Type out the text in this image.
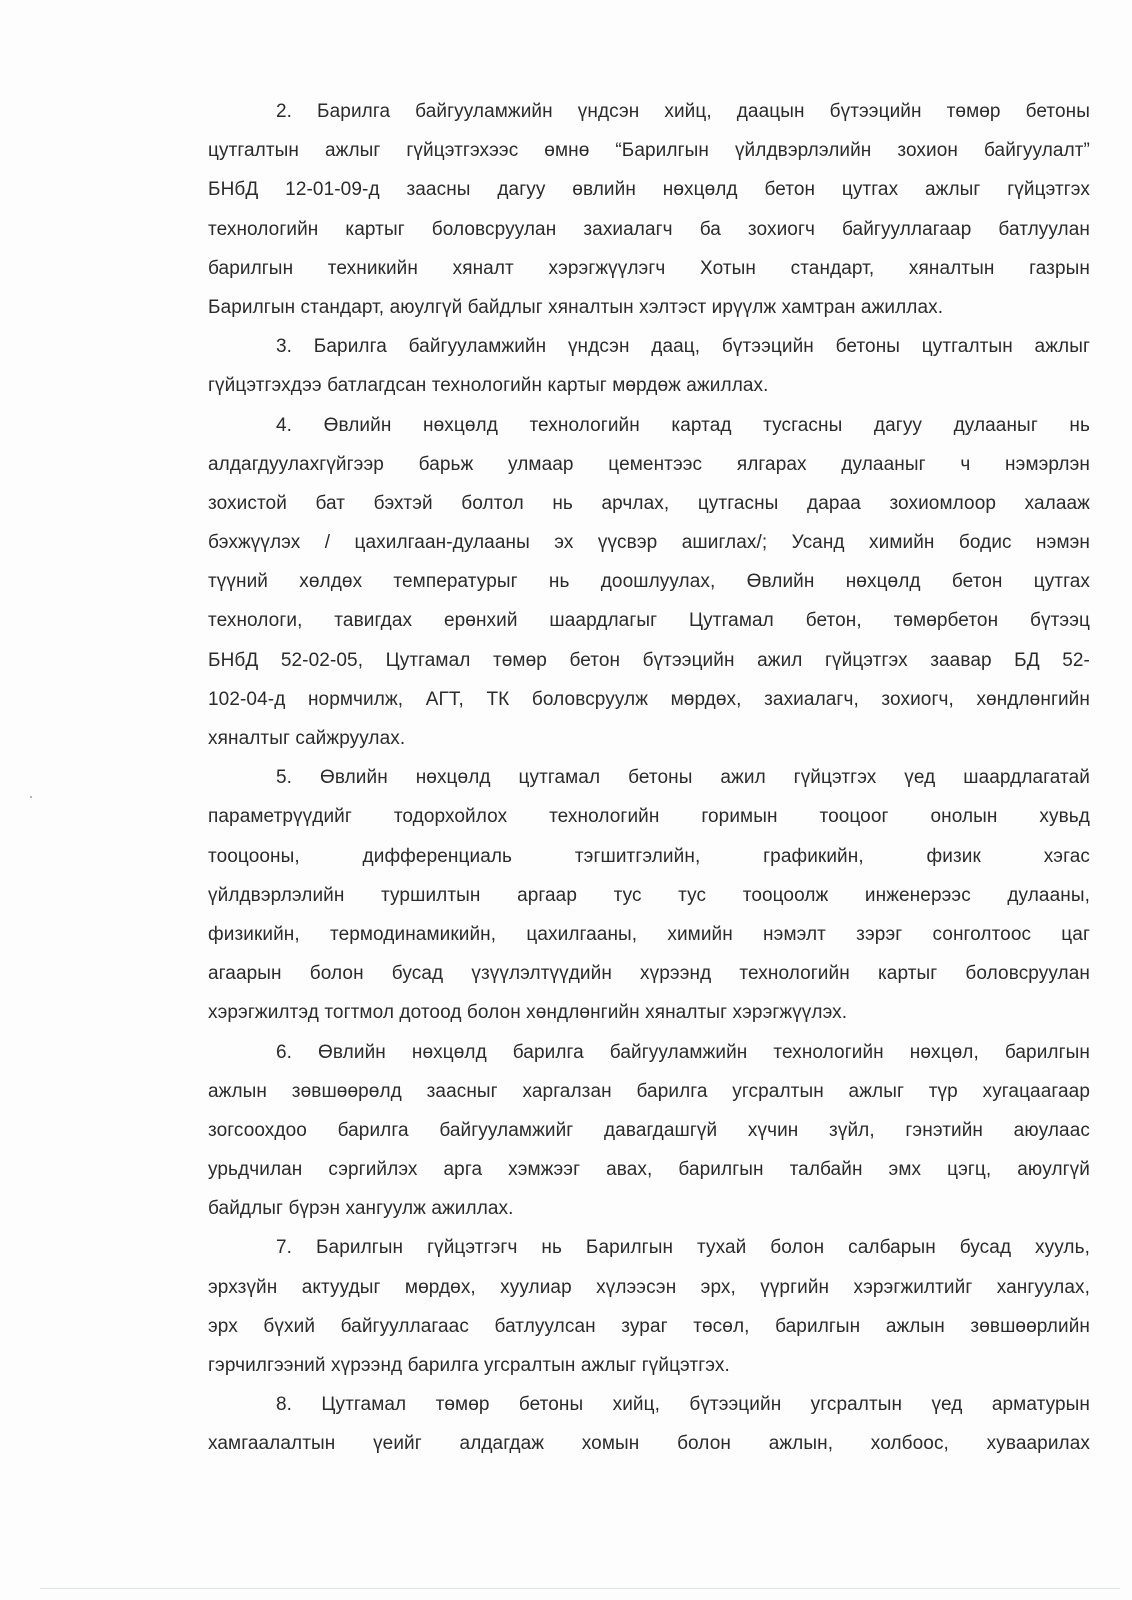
2. Барилга байгууламжийн үндсэн хийц, даацын бүтээцийн төмөр бетоны
цутгалтын ажлыг гүйцэтгэхээс өмнө “Барилгын үйлдвэрлэлийн зохион байгуулалт”
БНбД 12-01-09-д заасны дагуу өвлийн нөхцөлд бетон цутгах ажлыг гүйцэтгэх
технологийн картыг боловсруулан захиалагч ба зохиогч байгууллагаар батлуулан
барилгын техникийн хяналт хэрэгжүүлэгч Хотын стандарт, хяналтын газрын
Барилгын стандарт, аюулгүй байдлыг хяналтын хэлтэст ирүүлж хамтран ажиллах.

3. Барилга байгууламжийн үндсэн даац, бүтээцийн бетоны цутгалтын ажлыг
гүйцэтгэхдээ батлагдсан технологийн картыг мөрдөж ажиллах.

4. Өвлийн нөхцөлд технологийн картад тусгасны дагуу дулааныг нь
алдагдуулахгүйгээр барьж улмаар цементээс ялгарах дулааныг ч нэмэрлэн
зохистой бат бэхтэй болтол нь арчлах, цутгасны дараа зохиомлоор халааж
бэхжүүлэх / цахилгаан-дулааны эх үүсвэр ашиглах/; Усанд химийн бодис нэмэн
түүний хөлдөх температурыг нь доошлуулах, Өвлийн нөхцөлд бетон цутгах
технологи, тавигдах ерөнхий шаардлагыг Цутгамал бетон, төмөрбетон бүтээц
БНбД 52-02-05, Цутгамал төмөр бетон бүтээцийн ажил гүйцэтгэх заавар БД 52-
102-04-д нормчилж, АГТ, ТК боловсруулж мөрдөх, захиалагч, зохиогч, хөндлөнгийн
хяналтыг сайжруулах.

5. Өвлийн нөхцөлд цутгамал бетоны ажил гүйцэтгэх үед шаардлагатай
параметрүүдийг тодорхойлох технологийн горимын тооцоог онолын хувьд
тооцооны, дифференциаль тэгшитгэлийн, графикийн, физик хэгас
үйлдвэрлэлийн туршилтын аргаар тус тус тооцоолж инженерээс дулааны,
физикийн, термодинамикийн, цахилгааны, химийн нэмэлт зэрэг сонголтоос цаг
агаарын болон бусад үзүүлэлтүүдийн хүрээнд технологийн картыг боловсруулан
хэрэгжилтэд тогтмол дотоод болон хөндлөнгийн хяналтыг хэрэгжүүлэх.

6. Өвлийн нөхцөлд барилга байгууламжийн технологийн нөхцөл, барилгын
ажлын зөвшөөрөлд заасныг харгалзан барилга угсралтын ажлыг түр хугацаагаар
зогсоохдоо барилга байгууламжийг давагдашгүй хүчин зүйл, гэнэтийн аюулаас
урьдчилан сэргийлэх арга хэмжээг авах, барилгын талбайн эмх цэгц, аюулгүй
байдлыг бүрэн хангуулж ажиллах.

7. Барилгын гүйцэтгэгч нь Барилгын тухай болон салбарын бусад хууль,
эрхзүйн актуудыг мөрдөх, хуулиар хүлээсэн эрх, үүргийн хэрэгжилтийг хангуулах,
эрх бүхий байгууллагаас батлуулсан зураг төсөл, барилгын ажлын зөвшөөрлийн
гэрчилгээний хүрээнд барилга угсралтын ажлыг гүйцэтгэх.

8. Цутгамал төмөр бетоны хийц, бүтээцийн угсралтын үед арматурын
хамгаалалтын үеийг алдагдаж хомын болон ажлын, холбоос, хуваарилах
